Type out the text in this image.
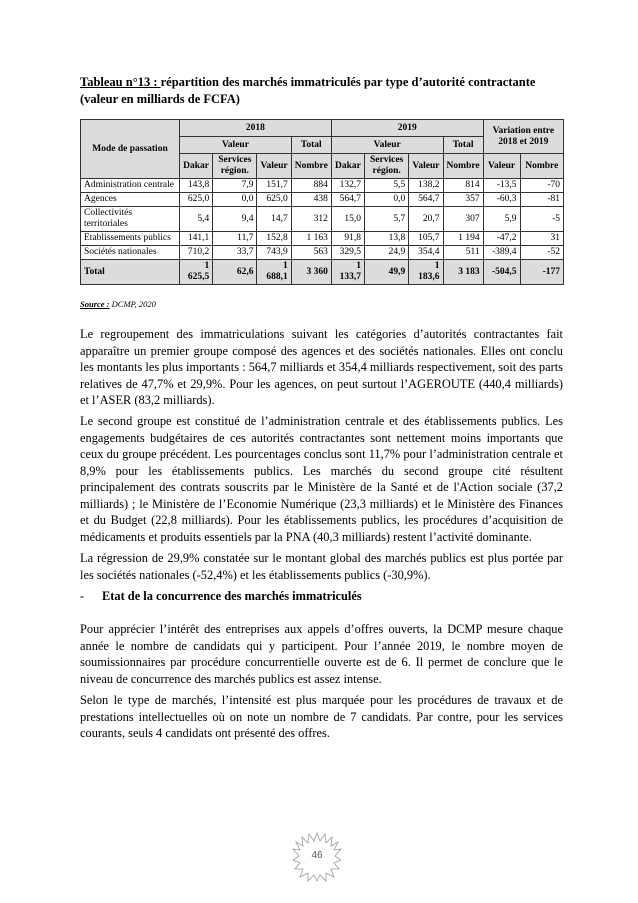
Tableau n°13 : répartition des marchés immatriculés par type d’autorité contractante
(valeur en milliards de FCFA)

Mode de passation	2018				2019				Variation entre 2018 et 2019	
	Valeur			Total	Valeur			Total		
	Dakar	Services région.	Valeur	Nombre	Dakar	Services région.	Valeur	Nombre	Valeur	Nombre
Administration centrale	143,8	7,9	151,7	884	132,7	5,5	138,2	814	-13,5	-70
Agences	625,0	0,0	625,0	438	564,7	0,0	564,7	357	-60,3	-81
Collectivités territoriales	5,4	9,4	14,7	312	15,0	5,7	20,7	307	5,9	-5
Etablissements publics	141,1	11,7	152,8	1 163	91,8	13,8	105,7	1 194	-47,2	31
Sociétés nationales	710,2	33,7	743,9	563	329,5	24,9	354,4	511	-389,4	-52
Total	1 625,5	62,6	1 688,1	3 360	1 133,7	49,9	1 183,6	3 183	-504,5	-177
Source : DCMP, 2020

Le regroupement des immatriculations suivant les catégories d’autorités contractantes fait apparaître un premier groupe composé des agences et des sociétés nationales. Elles ont conclu les montants les plus importants : 564,7 milliards et 354,4 milliards respectivement, soit des parts relatives de 47,7% et 29,9%. Pour les agences, on peut surtout l’AGEROUTE (440,4 milliards) et l’ASER (83,2 milliards).

Le second groupe est constitué de l’administration centrale et des établissements publics. Les engagements budgétaires de ces autorités contractantes sont nettement moins importants que ceux du groupe précédent. Les pourcentages conclus sont 11,7% pour l’administration centrale et 8,9% pour les établissements publics. Les marchés du second groupe cité résultent principalement des contrats souscrits par le Ministère de la Santé et de l'Action sociale (37,2 milliards) ; le Ministère de l’Economie Numérique (23,3 milliards) et le Ministère des Finances et du Budget (22,8 milliards). Pour les établissements publics, les procédures d’acquisition de médicaments et produits essentiels par la PNA (40,3 milliards) restent l’activité dominante.

La régression de 29,9% constatée sur le montant global des marchés publics est plus portée par les sociétés nationales (-52,4%) et les établissements publics (-30,9%).

- Etat de la concurrence des marchés immatriculés

Pour apprécier l’intérêt des entreprises aux appels d’offres ouverts, la DCMP mesure chaque année le nombre de candidats qui y participent. Pour l’année 2019, le nombre moyen de soumissionnaires par procédure concurrentielle ouverte est de 6. Il permet de conclure que le niveau de concurrence des marchés publics est assez intense.

Selon le type de marchés, l’intensité est plus marquée pour les procédures de travaux et de prestations intellectuelles où on note un nombre de 7 candidats. Par contre, pour les services courants, seuls 4 candidats ont présenté des offres.

46
